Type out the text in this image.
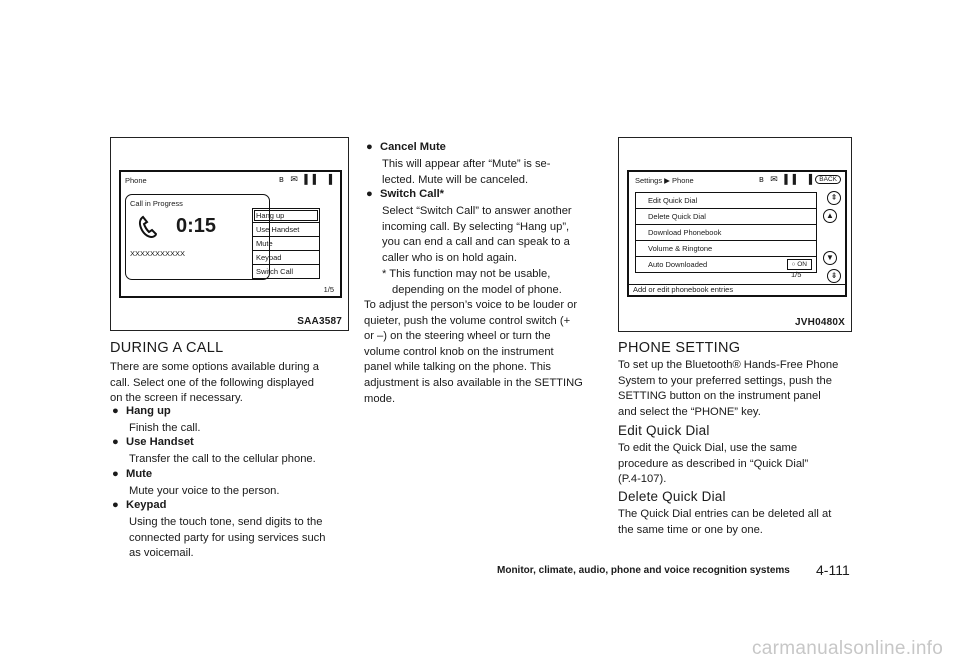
Phone	ʙ ✉ ▌▌ ▐
Call in Progress
0:15
XXXXXXXXXXX
Hang up
Use Handset
Mute
Keypad
Switch Call
1/5
SAA3587
Settings ▶ Phone	ʙ ✉ ▌▌ ▐ BACK
Edit Quick Dial
Delete Quick Dial
Download Phonebook
Volume & Ringtone
Auto Downloaded	○ ON
1/5
⇞
▲
▼
⇟
Add or edit phonebook entries
JVH0480X
DURING A CALL
There are some options available during a
call. Select one of the following displayed
on the screen if necessary.
● Hang up
Finish the call.
● Use Handset
Transfer the call to the cellular phone.
● Mute
Mute your voice to the person.
● Keypad
Using the touch tone, send digits to the
connected party for using services such
as voicemail.
● Cancel Mute
This will appear after “Mute” is se-
lected. Mute will be canceled.
● Switch Call*
Select “Switch Call” to answer another
incoming call. By selecting “Hang up”,
you can end a call and can speak to a
caller who is on hold again.
* This function may not be usable,
depending on the model of phone.
To adjust the person’s voice to be louder or
quieter, push the volume control switch (+
or –) on the steering wheel or turn the
volume control knob on the instrument
panel while talking on the phone. This
adjustment is also available in the SETTING
mode.
PHONE SETTING
To set up the Bluetooth® Hands-Free Phone
System to your preferred settings, push the
SETTING button on the instrument panel
and select the “PHONE” key.
Edit Quick Dial
To edit the Quick Dial, use the same
procedure as described in “Quick Dial”
(P.4-107).
Delete Quick Dial
The Quick Dial entries can be deleted all at
the same time or one by one.
Monitor, climate, audio, phone and voice recognition systems 4-111
carmanualsonline.info
